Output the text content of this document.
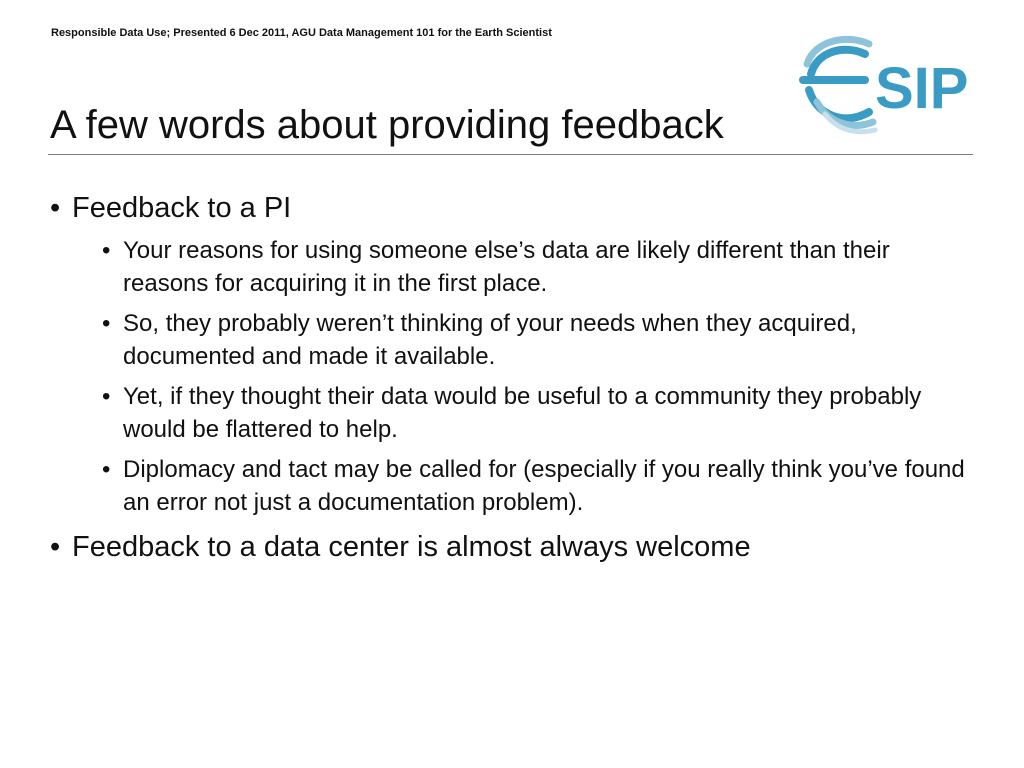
Responsible Data Use; Presented 6 Dec 2011, AGU Data Management 101 for the Earth Scientist
SIP
A few words about providing feedback
• Feedback to a PI
• Your reasons for using someone else’s data are likely different than their reasons for acquiring it in the first place.
• So, they probably weren’t thinking of your needs when they acquired, documented and made it available.
• Yet, if they thought their data would be useful to a community they probably would be flattered to help.
• Diplomacy and tact may be called for (especially if you really think you’ve found an error not just a documentation problem).
• Feedback to a data center is almost always welcome
